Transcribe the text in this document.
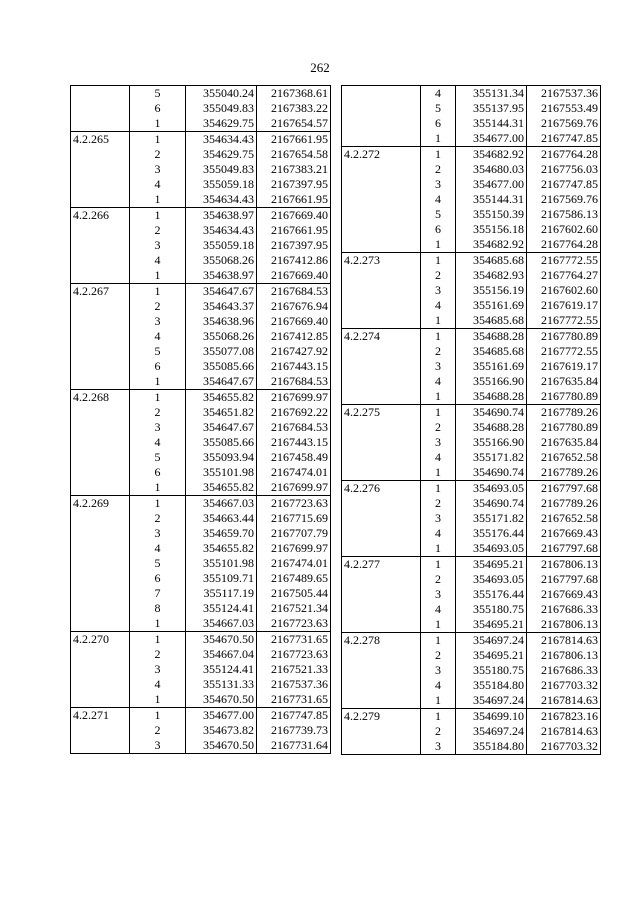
262
	5	355040.24	2167368.61
	6	355049.83	2167383.22
	1	354629.75	2167654.57
4.2.265	1	354634.43	2167661.95
	2	354629.75	2167654.58
	3	355049.83	2167383.21
	4	355059.18	2167397.95
	1	354634.43	2167661.95
4.2.266	1	354638.97	2167669.40
	2	354634.43	2167661.95
	3	355059.18	2167397.95
	4	355068.26	2167412.86
	1	354638.97	2167669.40
4.2.267	1	354647.67	2167684.53
	2	354643.37	2167676.94
	3	354638.96	2167669.40
	4	355068.26	2167412.85
	5	355077.08	2167427.92
	6	355085.66	2167443.15
	1	354647.67	2167684.53
4.2.268	1	354655.82	2167699.97
	2	354651.82	2167692.22
	3	354647.67	2167684.53
	4	355085.66	2167443.15
	5	355093.94	2167458.49
	6	355101.98	2167474.01
	1	354655.82	2167699.97
4.2.269	1	354667.03	2167723.63
	2	354663.44	2167715.69
	3	354659.70	2167707.79
	4	354655.82	2167699.97
	5	355101.98	2167474.01
	6	355109.71	2167489.65
	7	355117.19	2167505.44
	8	355124.41	2167521.34
	1	354667.03	2167723.63
4.2.270	1	354670.50	2167731.65
	2	354667.04	2167723.63
	3	355124.41	2167521.33
	4	355131.33	2167537.36
	1	354670.50	2167731.65
4.2.271	1	354677.00	2167747.85
	2	354673.82	2167739.73
	3	354670.50	2167731.64
	4	355131.34	2167537.36
	5	355137.95	2167553.49
	6	355144.31	2167569.76
	1	354677.00	2167747.85
4.2.272	1	354682.92	2167764.28
	2	354680.03	2167756.03
	3	354677.00	2167747.85
	4	355144.31	2167569.76
	5	355150.39	2167586.13
	6	355156.18	2167602.60
	1	354682.92	2167764.28
4.2.273	1	354685.68	2167772.55
	2	354682.93	2167764.27
	3	355156.19	2167602.60
	4	355161.69	2167619.17
	1	354685.68	2167772.55
4.2.274	1	354688.28	2167780.89
	2	354685.68	2167772.55
	3	355161.69	2167619.17
	4	355166.90	2167635.84
	1	354688.28	2167780.89
4.2.275	1	354690.74	2167789.26
	2	354688.28	2167780.89
	3	355166.90	2167635.84
	4	355171.82	2167652.58
	1	354690.74	2167789.26
4.2.276	1	354693.05	2167797.68
	2	354690.74	2167789.26
	3	355171.82	2167652.58
	4	355176.44	2167669.43
	1	354693.05	2167797.68
4.2.277	1	354695.21	2167806.13
	2	354693.05	2167797.68
	3	355176.44	2167669.43
	4	355180.75	2167686.33
	1	354695.21	2167806.13
4.2.278	1	354697.24	2167814.63
	2	354695.21	2167806.13
	3	355180.75	2167686.33
	4	355184.80	2167703.32
	1	354697.24	2167814.63
4.2.279	1	354699.10	2167823.16
	2	354697.24	2167814.63
	3	355184.80	2167703.32
